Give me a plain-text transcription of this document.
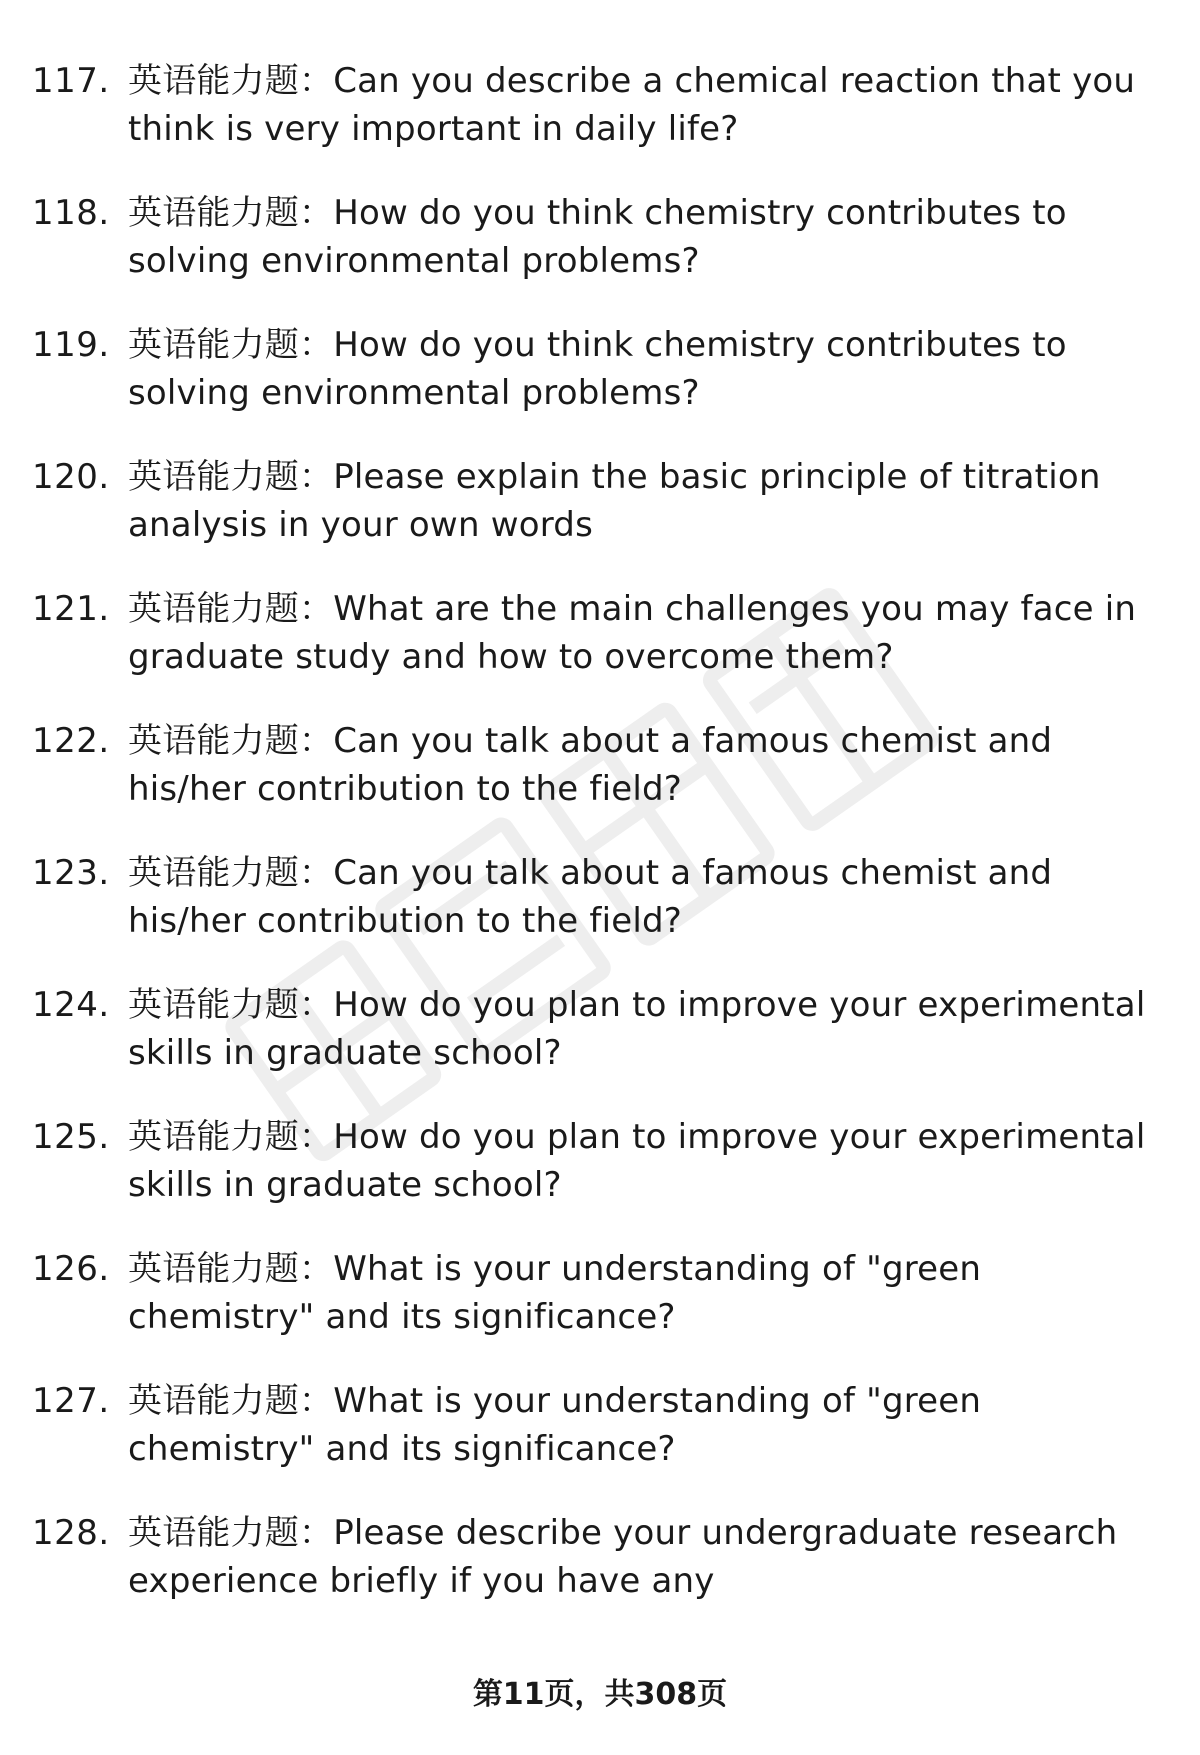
117. 英语能力题：Can you describe a chemical reaction that you think is very important in daily life?
118. 英语能力题：How do you think chemistry contributes to solving environmental problems?
119. 英语能力题：How do you think chemistry contributes to solving environmental problems?
120. 英语能力题：Please explain the basic principle of titration analysis in your own words
121. 英语能力题：What are the main challenges you may face in graduate study and how to overcome them?
122. 英语能力题：Can you talk about a famous chemist and his/her contribution to the field?
123. 英语能力题：Can you talk about a famous chemist and his/her contribution to the field?
124. 英语能力题：How do you plan to improve your experimental skills in graduate school?
125. 英语能力题：How do you plan to improve your experimental skills in graduate school?
126. 英语能力题：What is your understanding of "green chemistry" and its significance?
127. 英语能力题：What is your understanding of "green chemistry" and its significance?
128. 英语能力题：Please describe your undergraduate research experience briefly if you have any
第11页，共308页
